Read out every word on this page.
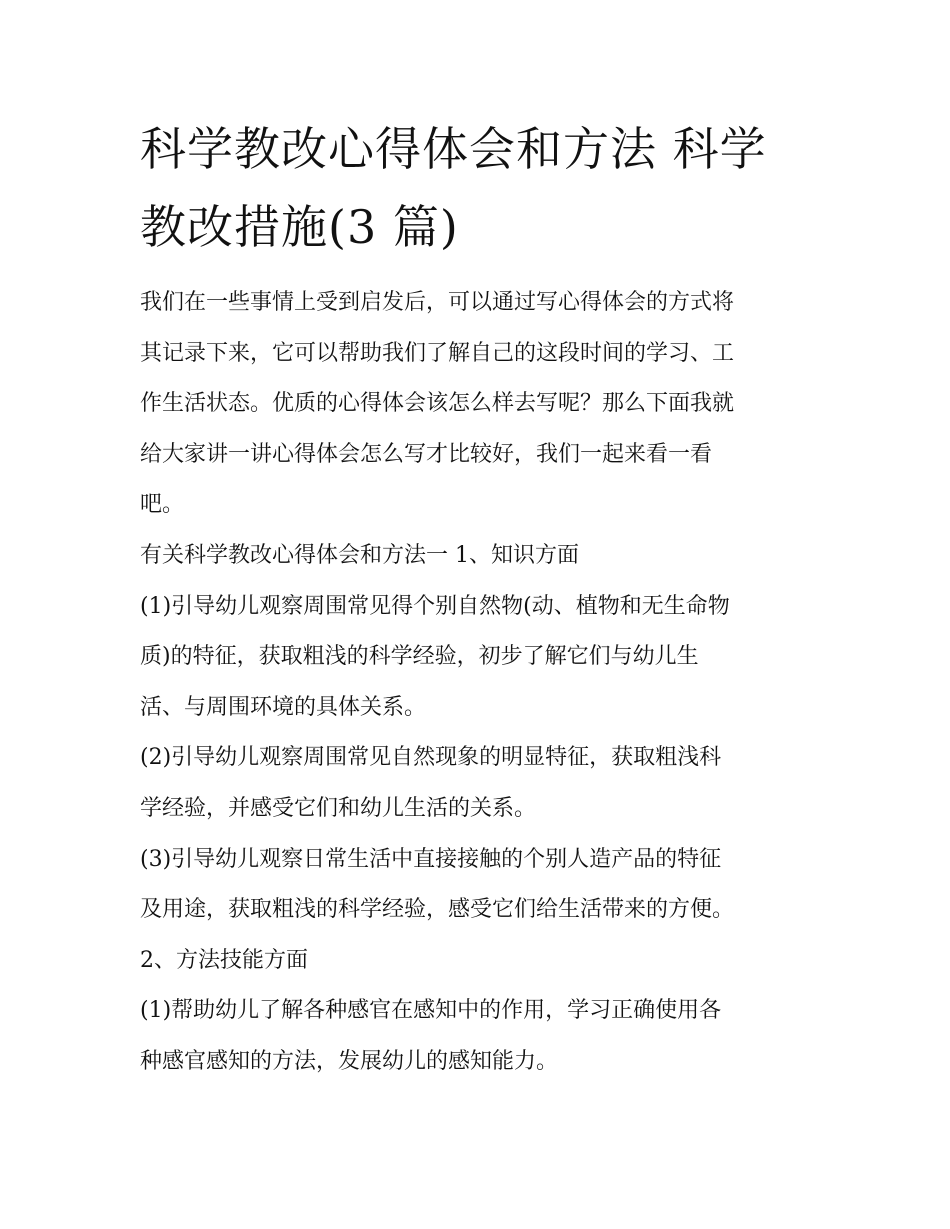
科学教改心得体会和方法 科学
教改措施(3 篇)

我们在一些事情上受到启发后，可以通过写心得体会的方式将
其记录下来，它可以帮助我们了解自己的这段时间的学习、工
作生活状态。优质的心得体会该怎么样去写呢？那么下面我就
给大家讲一讲心得体会怎么写才比较好，我们一起来看一看
吧。

有关科学教改心得体会和方法一 1、知识方面

(1)引导幼儿观察周围常见得个别自然物(动、植物和无生命物
质)的特征，获取粗浅的科学经验，初步了解它们与幼儿生
活、与周围环境的具体关系。

(2)引导幼儿观察周围常见自然现象的明显特征，获取粗浅科
学经验，并感受它们和幼儿生活的关系。

(3)引导幼儿观察日常生活中直接接触的个别人造产品的特征
及用途，获取粗浅的科学经验，感受它们给生活带来的方便。

2、方法技能方面

(1)帮助幼儿了解各种感官在感知中的作用，学习正确使用各
种感官感知的方法，发展幼儿的感知能力。
